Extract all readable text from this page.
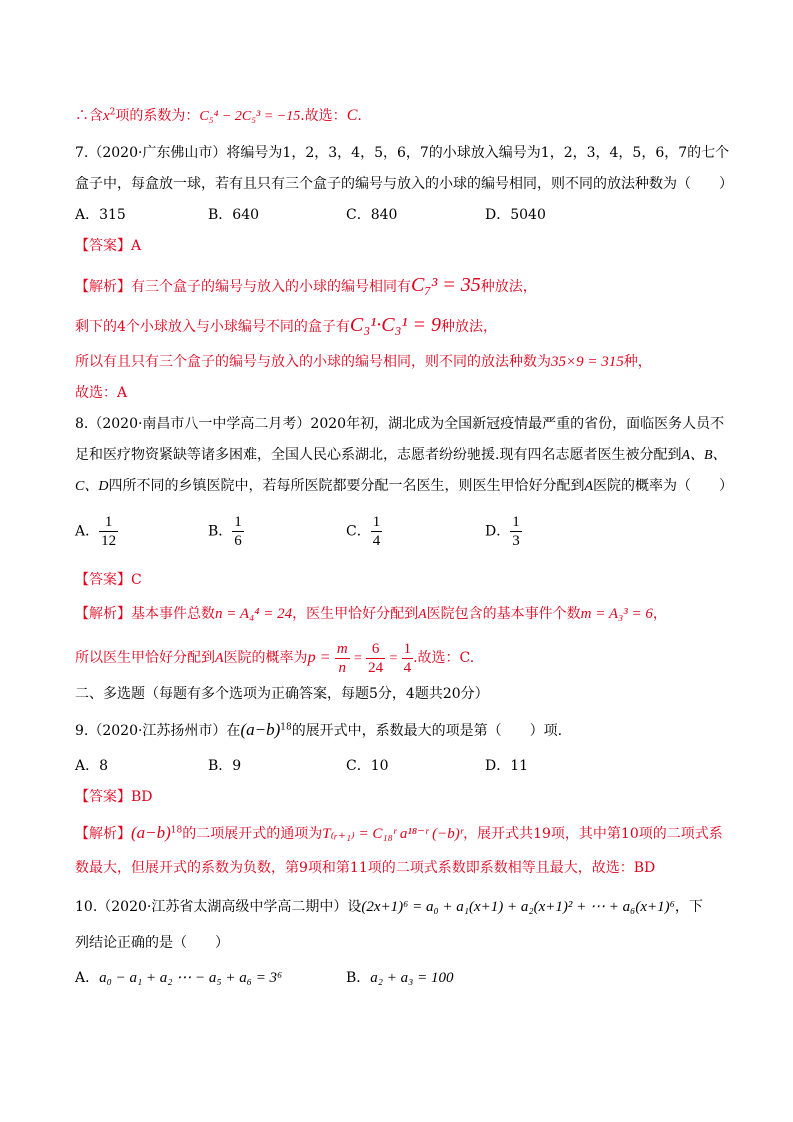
∴含$x^2$项的系数为：C₅⁴ − 2C₅³ = −15.故选：C.
7.（2020·广东佛山市）将编号为1，2，3，4，5，6，7的小球放入编号为1，2，3，4，5，6，7的七个
盒子中，每盒放一球，若有且只有三个盒子的编号与放入的小球的编号相同，则不同的放法种数为（　　）
A．315	B．640	C．840	D．5040
【答案】A
【解析】有三个盒子的编号与放入的小球的编号相同有C₇³ = 35种放法，
剩下的4个小球放入与小球编号不同的盒子有C₃¹·C₃¹ = 9种放法，
所以有且只有三个盒子的编号与放入的小球的编号相同，则不同的放法种数为35×9 = 315种，
故选：A
8.（2020·南昌市八一中学高二月考）2020年初，湖北成为全国新冠疫情最严重的省份，面临医务人员不
足和医疗物资紧缺等诸多困难，全国人民心系湖北，志愿者纷纷驰援.现有四名志愿者医生被分配到A、B、
C、D四所不同的乡镇医院中，若每所医院都要分配一名医生，则医生甲恰好分配到A医院的概率为（　　）
A． $\frac{1}{12}$	B． $\frac{1}{6}$	C． $\frac{1}{4}$	D． $\frac{1}{3}$
【答案】C
【解析】基本事件总数n = A₄⁴ = 24，医生甲恰好分配到A医院包含的基本事件个数m = A₃³ = 6，
所以医生甲恰好分配到A医院的概率为$p = \frac{m}{n} = \frac{6}{24} = \frac{1}{4}$ .故选：C.
二、多选题（每题有多个选项为正确答案，每题5分，4题共20分）
9.（2020·江苏扬州市）在$(a-b)^{18}$的展开式中，系数最大的项是第（　　）项.
A．8	B．9	C．10	D．11
【答案】BD
【解析】$(a-b)^{18}$的二项展开式的通项为T₍ᵣ₊₁₎ = C₁₈ʳ a¹⁸⁻ʳ (−b)ʳ，展开式共19项，其中第10项的二项式系
数最大，但展开式的系数为负数，第9项和第11项的二项式系数即系数相等且最大，故选：BD
10.（2020·江苏省太湖高级中学高二期中）设(2x+1)⁶ = a₀ + a₁(x+1) + a₂(x+1)² + ⋯ + a₆(x+1)⁶，下
列结论正确的是（　　）
A．a₀ − a₁ + a₂ ⋯ − a₅ + a₆ = 3⁶	B．a₂ + a₃ = 100
